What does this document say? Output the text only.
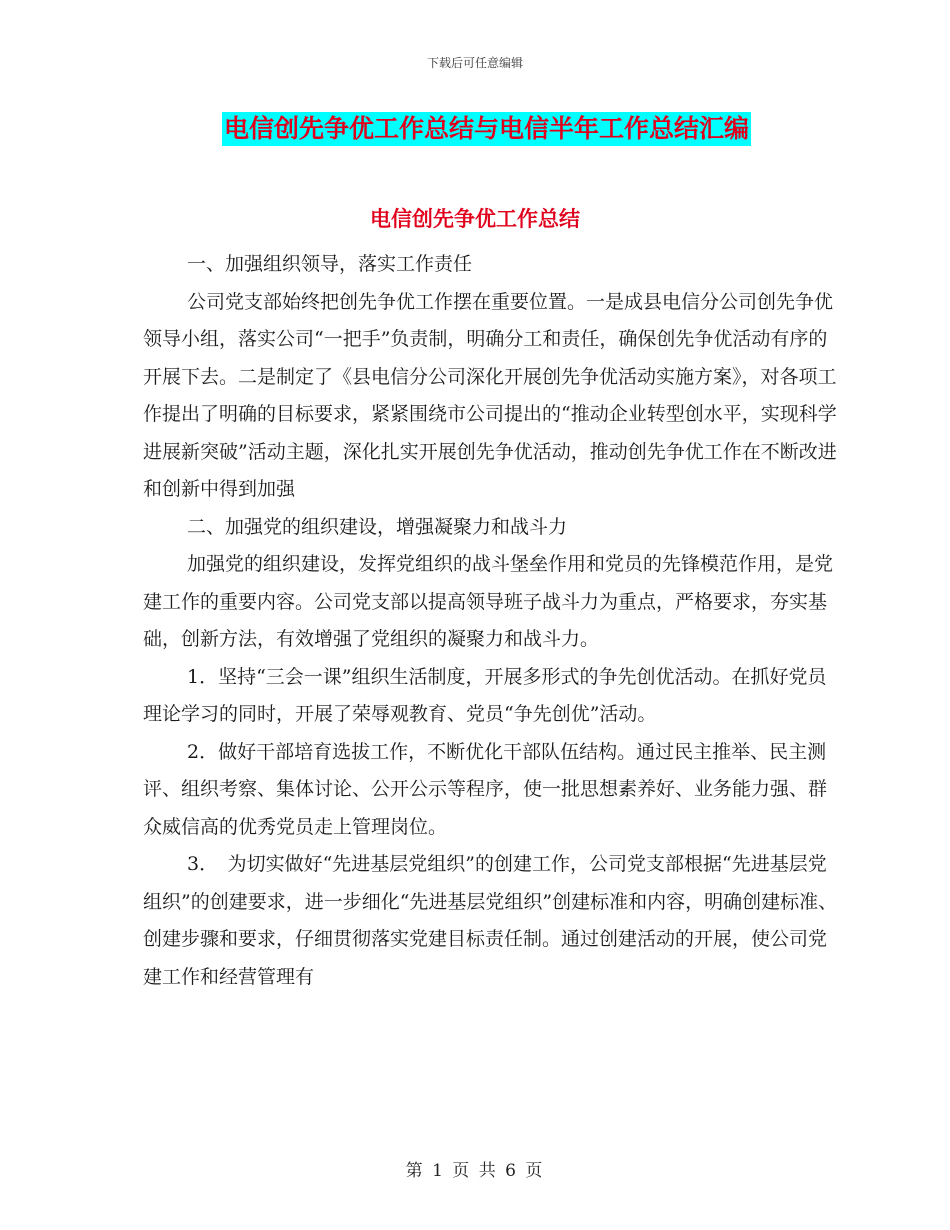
下载后可任意编辑
电信创先争优工作总结与电信半年工作总结汇编
电信创先争优工作总结

一、加强组织领导，落实工作责任

公司党支部始终把创先争优工作摆在重要位置。一是成县电信分公司创先争优领导小组，落实公司“一把手”负责制，明确分工和责任，确保创先争优活动有序的开展下去。二是制定了《县电信分公司深化开展创先争优活动实施方案》，对各项工作提出了明确的目标要求，紧紧围绕市公司提出的“推动企业转型创水平，实现科学进展新突破”活动主题，深化扎实开展创先争优活动，推动创先争优工作在不断改进和创新中得到加强

二、加强党的组织建设，增强凝聚力和战斗力

加强党的组织建设，发挥党组织的战斗堡垒作用和党员的先锋模范作用，是党建工作的重要内容。公司党支部以提高领导班子战斗力为重点，严格要求，夯实基础，创新方法，有效增强了党组织的凝聚力和战斗力。

1．坚持“三会一课”组织生活制度，开展多形式的争先创优活动。在抓好党员理论学习的同时，开展了荣辱观教育、党员“争先创优”活动。

2．做好干部培育选拔工作，不断优化干部队伍结构。通过民主推举、民主测评、组织考察、集体讨论、公开公示等程序，使一批思想素养好、业务能力强、群众威信高的优秀党员走上管理岗位。

3．　为切实做好“先进基层党组织”的创建工作，公司党支部根据“先进基层党组织”的创建要求，进一步细化“先进基层党组织”创建标准和内容，明确创建标准、创建步骤和要求，仔细贯彻落实党建目标责任制。通过创建活动的开展，使公司党建工作和经营管理有

第 1 页 共 6 页
